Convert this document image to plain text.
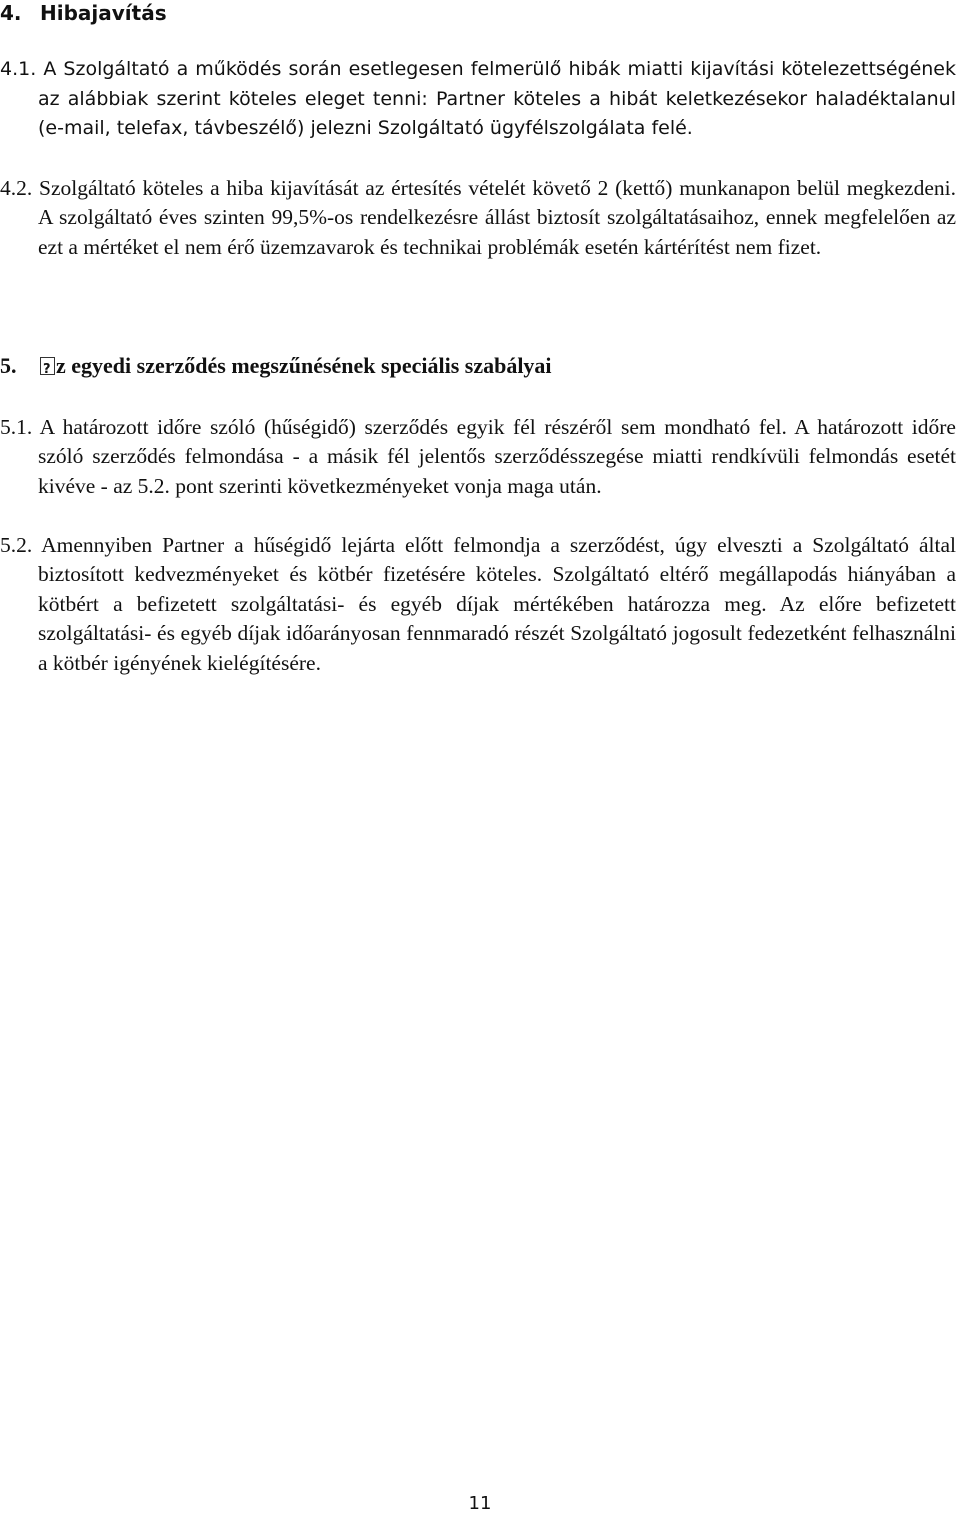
4. Hibajavítás
4.1. A Szolgáltató a működés során esetlegesen felmerülő hibák miatti kijavítási kötelezettségének az alábbiak szerint köteles eleget tenni: Partner köteles a hibát keletkezésekor haladéktalanul (e-mail, telefax, távbeszélő) jelezni Szolgáltató ügyfélszolgálata felé.
4.2. Szolgáltató köteles a hiba kijavítását az értesítés vételét követő 2 (kettő) munkanapon belül megkezdeni. A szolgáltató éves szinten 99,5%-os rendelkezésre állást biztosít szolgáltatásaihoz, ennek megfelelően az ezt a mértéket el nem érő üzemzavarok és technikai problémák esetén kártérítést nem fizet.
5.? z egyedi szerződés megszűnésének speciális szabályai
5.1. A határozott időre szóló (hűségidő) szerződés egyik fél részéről sem mondható fel. A határozott időre szóló szerződés felmondása - a másik fél jelentős szerződésszegése miatti rendkívüli felmondás esetét kivéve - az 5.2. pont szerinti következményeket vonja maga után.
5.2. Amennyiben Partner a hűségidő lejárta előtt felmondja a szerződést, úgy elveszti a Szolgáltató által biztosított kedvezményeket és kötbér fizetésére köteles. Szolgáltató eltérő megállapodás hiányában a kötbért a befizetett szolgáltatási- és egyéb díjak mértékében határozza meg. Az előre befizetett szolgáltatási- és egyéb díjak időarányosan fennmaradó részét Szolgáltató jogosult fedezetként felhasználni a kötbér igényének kielégítésére.
11
